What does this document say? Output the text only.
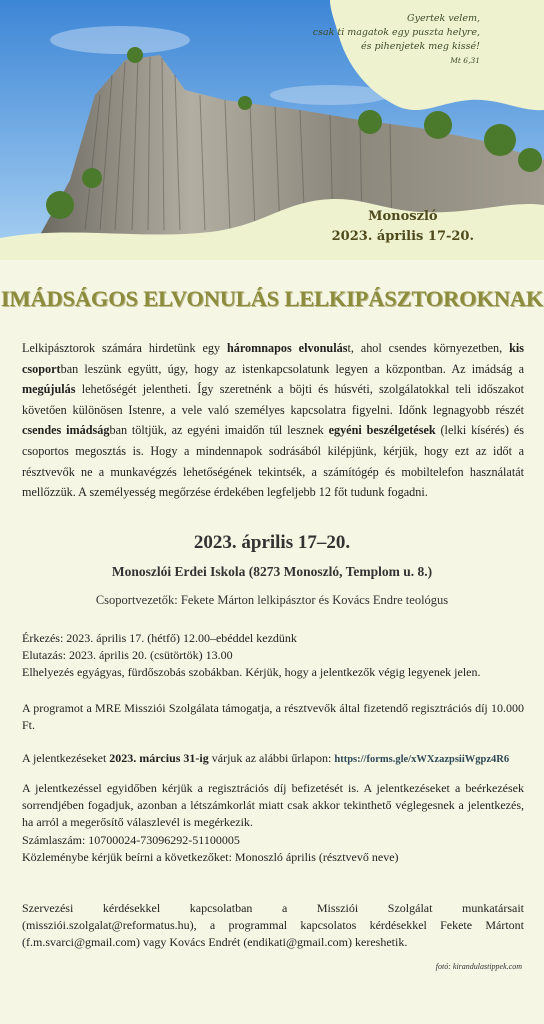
Gyertek velem,
csak ti magatok egy puszta helyre,
és pihenjetek meg kissé!
Mt 6,31
Monoszló
2023. április 17-20.
IMÁDSÁGOS ELVONULÁS LELKIPÁSZTOROKNAK
Lelkipásztorok számára hirdetünk egy háromnapos elvonulást, ahol csendes környezetben, kis csoportban leszünk együtt, úgy, hogy az istenkapcsolatunk legyen a központban. Az imádság a megújulás lehetőségét jelentheti. Így szeretnénk a böjti és húsvéti, szolgálatokkal teli időszakot követően különösen Istenre, a vele való személyes kapcsolatra figyelni. Időnk legnagyobb részét csendes imádságban töltjük, az egyéni imaidőn túl lesznek egyéni beszélgetések (lelki kísérés) és csoportos megosztás is. Hogy a mindennapok sodrásából kilépjünk, kérjük, hogy ezt az időt a résztvevők ne a munkavégzés lehetőségének tekintsék, a számítógép és mobiltelefon használatát mellőzzük. A személyesség megőrzése érdekében legfeljebb 12 főt tudunk fogadni.
2023. április 17–20.
Monoszlói Erdei Iskola (8273 Monoszló, Templom u. 8.)
Csoportvezetők: Fekete Márton lelkipásztor és Kovács Endre teológus
Érkezés: 2023. április 17. (hétfő) 12.00–ebéddel kezdünk
Elutazás: 2023. április 20. (csütörtök) 13.00
Elhelyezés egyágyas, fürdőszobás szobákban. Kérjük, hogy a jelentkezők végig legyenek jelen.
A programot a MRE Missziói Szolgálata támogatja, a résztvevők által fizetendő regisztrációs díj 10.000 Ft.
A jelentkezéseket 2023. március 31-ig várjuk az alábbi űrlapon: https://forms.gle/xWXzazpsiiWgpz4R6
A jelentkezéssel egyidőben kérjük a regisztrációs díj befizetését is. A jelentkezéseket a beérkezések sorrendjében fogadjuk, azonban a létszámkorlát miatt csak akkor tekinthető véglegesnek a jelentkezés, ha arról a megerősítő válaszlevél is megérkezik.
Számlaszám: 10700024-73096292-51100005
Közleménybe kérjük beírni a következőket: Monoszló április (résztvevő neve)
Szervezési kérdésekkel kapcsolatban a Missziói Szolgálat munkatársait (missziói.szolgalat@reformatus.hu), a programmal kapcsolatos kérdésekkel Fekete Mártont (f.m.svarci@gmail.com) vagy Kovács Endrét (endikati@gmail.com) kereshetik.
fotó: kirandulastippek.com
